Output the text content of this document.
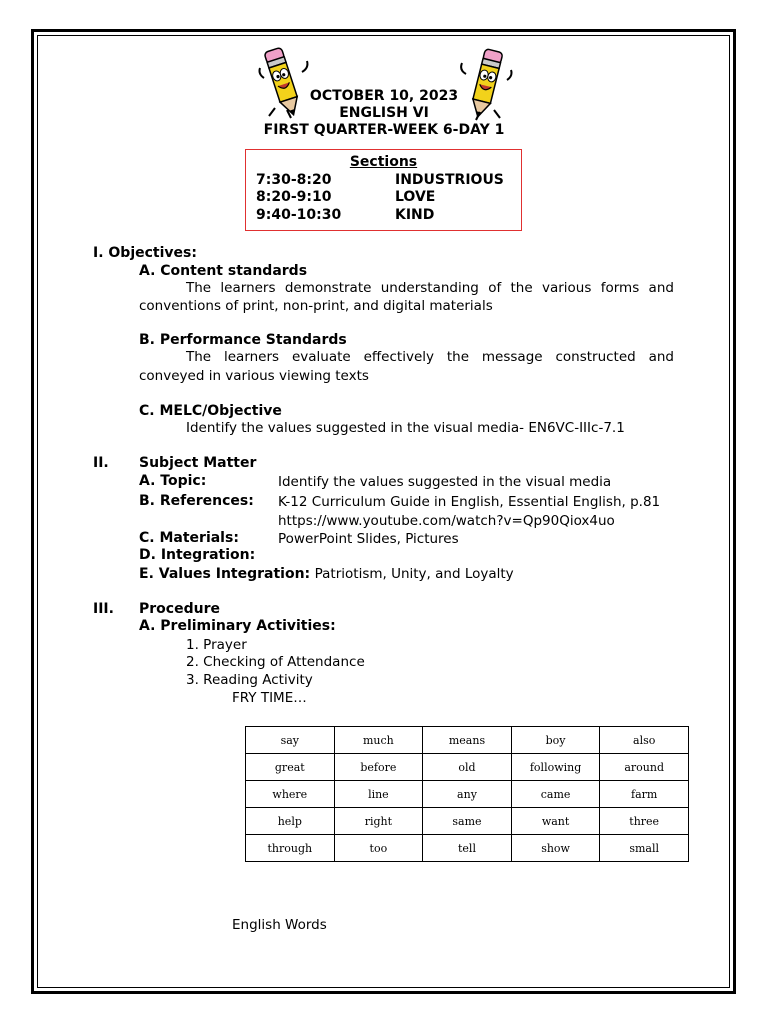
OCTOBER 10, 2023
ENGLISH VI
FIRST QUARTER-WEEK 6-DAY 1
Sections
7:30-8:20	INDUSTRIOUS
8:20-9:10	LOVE
9:40-10:30	KIND
I. Objectives:
A. Content standards
The learners demonstrate understanding of the various forms and
conventions of print, non-print, and digital materials
B. Performance Standards
The learners evaluate effectively the message constructed and
conveyed in various viewing texts
C. MELC/Objective
Identify the values suggested in the visual media- EN6VC-IIIc-7.1
II. Subject Matter
A. Topic:	Identify the values suggested in the visual media
B. References: K-12 Curriculum Guide in English, Essential English, p.81
https://www.youtube.com/watch?v=Qp90Qiox4uo
C. Materials:	PowerPoint Slides, Pictures
D. Integration:
E. Values Integration: Patriotism, Unity, and Loyalty
III. Procedure
A. Preliminary Activities:
1. Prayer
2. Checking of Attendance
3. Reading Activity
FRY TIME…
say	much	means	boy	also
great	before	old	following	around
where	line	any	came	farm
help	right	same	want	three
through	too	tell	show	small
English Words
